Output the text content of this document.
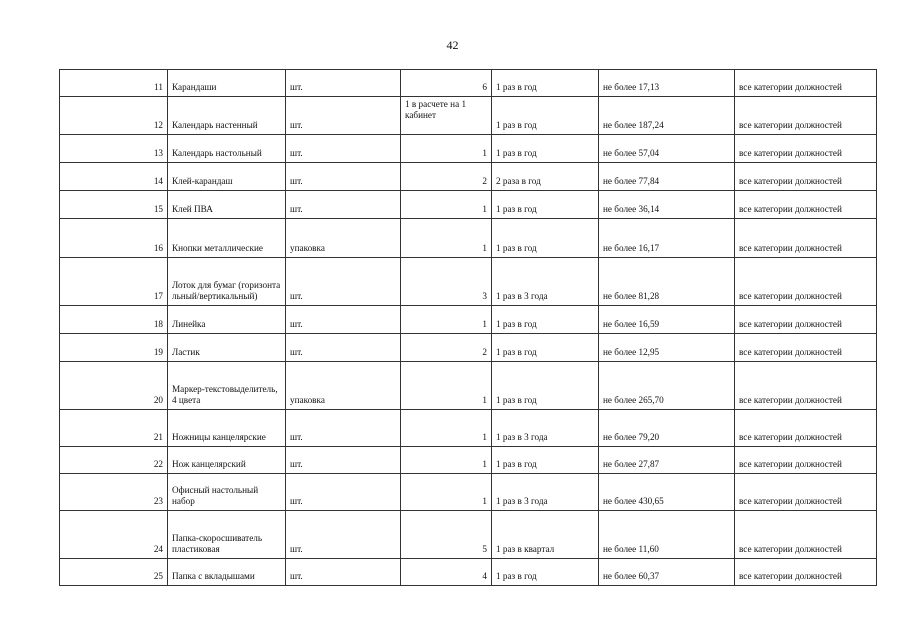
42
11	Карандаши	шт.	6	1 раз в год	не более 17,13	все категории должностей
12	Календарь настенный	шт.	1 в расчете на 1 кабинет	1 раз в год	не более 187,24	все категории должностей
13	Календарь настольный	шт.	1	1 раз в год	не более 57,04	все категории должностей
14	Клей-карандаш	шт.	2	2 раза в год	не более 77,84	все категории должностей
15	Клей ПВА	шт.	1	1 раз в год	не более 36,14	все категории должностей
16	Кнопки металлические	упаковка	1	1 раз в год	не более 16,17	все категории должностей
17	Лоток для бумаг (горизонтальный/вертикальный)	шт.	3	1 раз в 3 года	не более 81,28	все категории должностей
18	Линейка	шт.	1	1 раз в год	не более 16,59	все категории должностей
19	Ластик	шт.	2	1 раз в год	не более 12,95	все категории должностей
20	Маркер-текстовыделитель, 4 цвета	упаковка	1	1 раз в год	не более 265,70	все категории должностей
21	Ножницы канцелярские	шт.	1	1 раз в 3 года	не более 79,20	все категории должностей
22	Нож канцелярский	шт.	1	1 раз в год	не более 27,87	все категории должностей
23	Офисный настольный набор	шт.	1	1 раз в 3 года	не более 430,65	все категории должностей
24	Папка-скоросшиватель пластиковая	шт.	5	1 раз в квартал	не более 11,60	все категории должностей
25	Папка с вкладышами	шт.	4	1 раз в год	не более 60,37	все категории должностей
